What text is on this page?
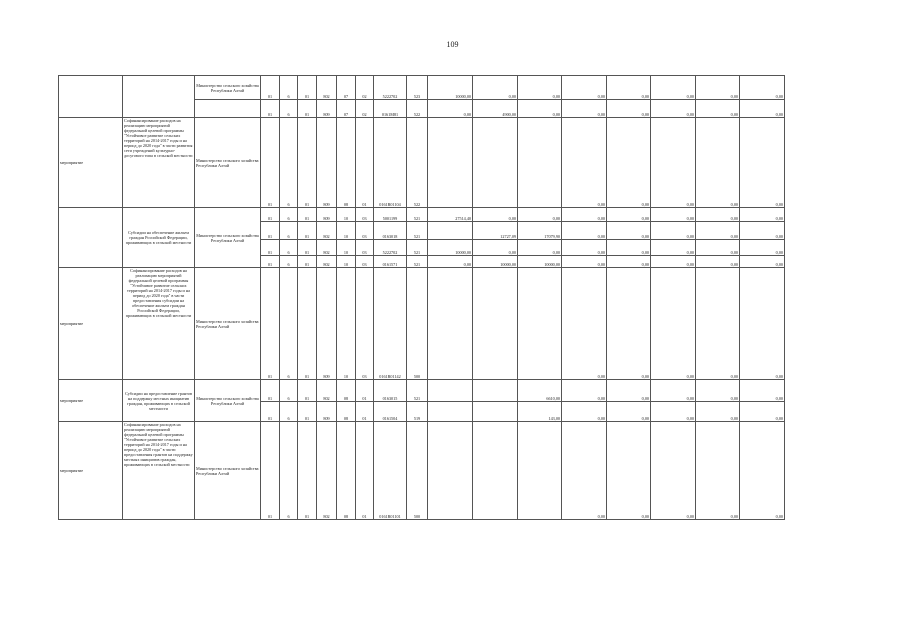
109
		Министерство сельского хозяйства Республики Алтай	01	6	01	802	07	02	5222702	523	10000,00	0,00	0,00	0,00	0,00	0,00	0,00	0,00
			01	6	01	809	07	02	0161M81	522	0,00	4900,00	0,00	0,00	0,00	0,00	0,00	0,00
мероприятие	Софинансирование расходов на реализацию мероприятий федеральной целевой программы "Устойчивое развитие сельских территорий на 2014-2017 годы и на период до 2020 года" в части развития сети учреждений культурно-досугового типа в сельской местности	Министерство сельского хозяйства Республики Алтай	01	6	01	809	08	01	0161R01104	522				0,00	0,00	0,00	0,00	0,00
	Субсидии на обеспечение жильем граждан Российской Федерации, проживающих в сельской местности	Министерство сельского хозяйства Республики Алтай	01	6	01	809	10	03	5001199	521	27514,40	0,00	0,00	0,00	0,00	0,00	0,00	0,00
			01	6	01	802	10	03	0163018	521		12727,09	17079,90	0,00	0,00	0,00	0,00	0,00
			01	6	01	802	10	03	5222702	521	10000,00	0,00	0,00	0,00	0,00	0,00	0,00	0,00
			01	6	01	802	10	03	0161571	521	0,00	10000,00	10000,00	0,00	0,00	0,00	0,00	0,00
мероприятие	Софинансирование расходов на реализацию мероприятий федеральной целевой программы "Устойчивое развитие сельских территорий на 2014-2017 годы и на период до 2020 года" в части предоставления субсидии на обеспечение жильем граждан Российской Федерации, проживающих в сельской местности	Министерство сельского хозяйства Республики Алтай	01	6	01	809	10	03	0161R01142	500				0,00	0,00	0,00	0,00	0,00
мероприятие	Субсидии на предоставление грантов на поддержку местных инициатив граждан, проживающих в сельской местности	Министерство сельского хозяйства Республики Алтай	01	6	01	802	08	01	0163015	521			6610,00	0,00	0,00	0,00	0,00	0,00
			01	6	01	809	08	01	0161504	519			143,00	0,00	0,00	0,00	0,00	0,00
мероприятие	Софинансирование расходов на реализацию мероприятий федеральной целевой программы "Устойчивое развитие сельских территорий на 2014-2017 годы и на период до 2020 года" в части предоставления грантов на поддержку местных инициатив граждан, проживающих в сельской местности	Министерство сельского хозяйства Республики Алтай	01	6	01	802	08	01	0161R01101	500				0,00	0,00	0,00	0,00	0,00
